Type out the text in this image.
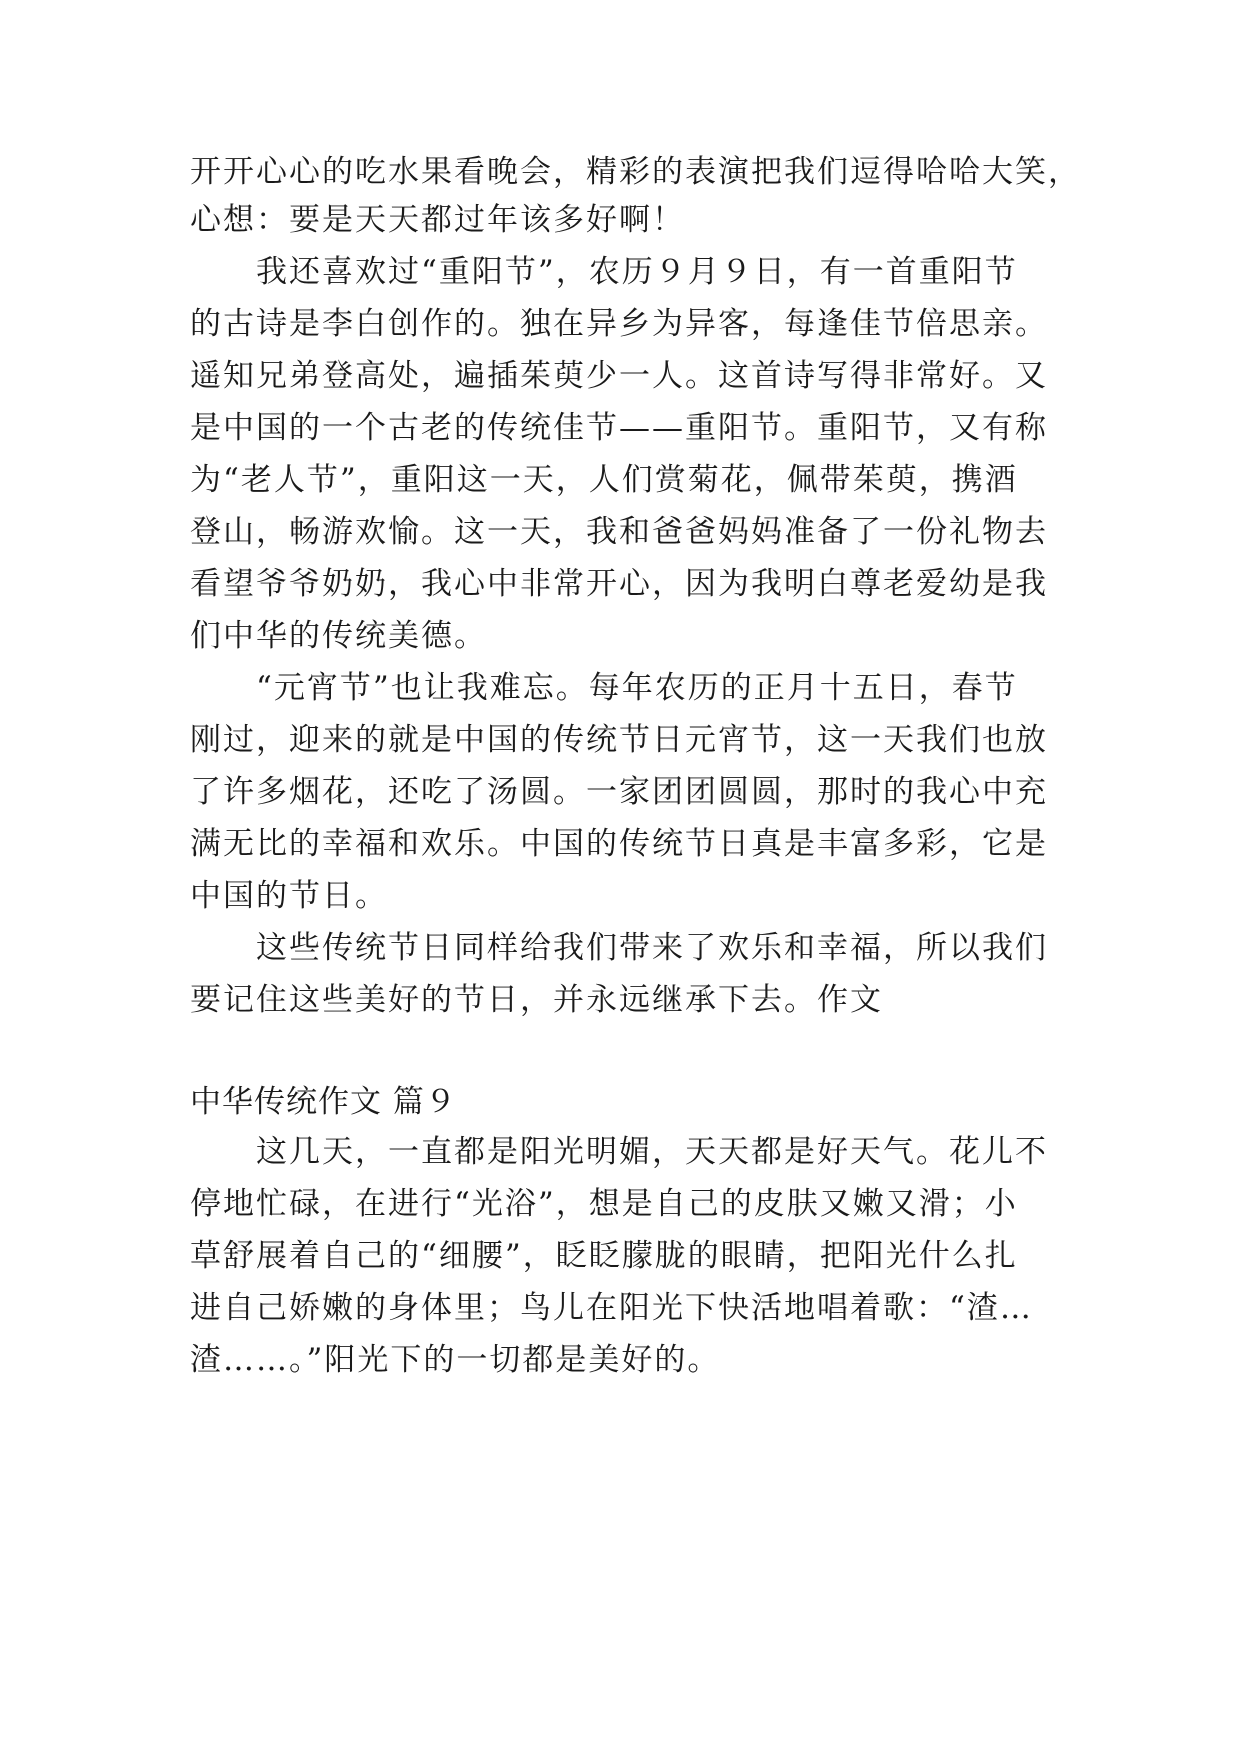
开开心心的吃水果看晚会，精彩的表演把我们逗得哈哈大笑，
心想：要是天天都过年该多好啊！
　　我还喜欢过“重阳节”，农历９月９日，有一首重阳节
的古诗是李白创作的。独在异乡为异客，每逢佳节倍思亲。
遥知兄弟登高处，遍插茱萸少一人。这首诗写得非常好。又
是中国的一个古老的传统佳节——重阳节。重阳节，又有称
为“老人节”，重阳这一天，人们赏菊花，佩带茱萸，携酒
登山，畅游欢愉。这一天，我和爸爸妈妈准备了一份礼物去
看望爷爷奶奶，我心中非常开心，因为我明白尊老爱幼是我
们中华的传统美德。
　　“元宵节”也让我难忘。每年农历的正月十五日，春节
刚过，迎来的就是中国的传统节日元宵节，这一天我们也放
了许多烟花，还吃了汤圆。一家团团圆圆，那时的我心中充
满无比的幸福和欢乐。中国的传统节日真是丰富多彩，它是
中国的节日。
　　这些传统节日同样给我们带来了欢乐和幸福，所以我们
要记住这些美好的节日，并永远继承下去。作文
中华传统作文 篇９
　　这几天，一直都是阳光明媚，天天都是好天气。花儿不
停地忙碌，在进行“光浴”，想是自己的皮肤又嫩又滑；小
草舒展着自己的“细腰”，眨眨朦胧的眼睛，把阳光什么扎
进自己娇嫩的身体里；鸟儿在阳光下快活地唱着歌：“渣…
渣……。”阳光下的一切都是美好的。
